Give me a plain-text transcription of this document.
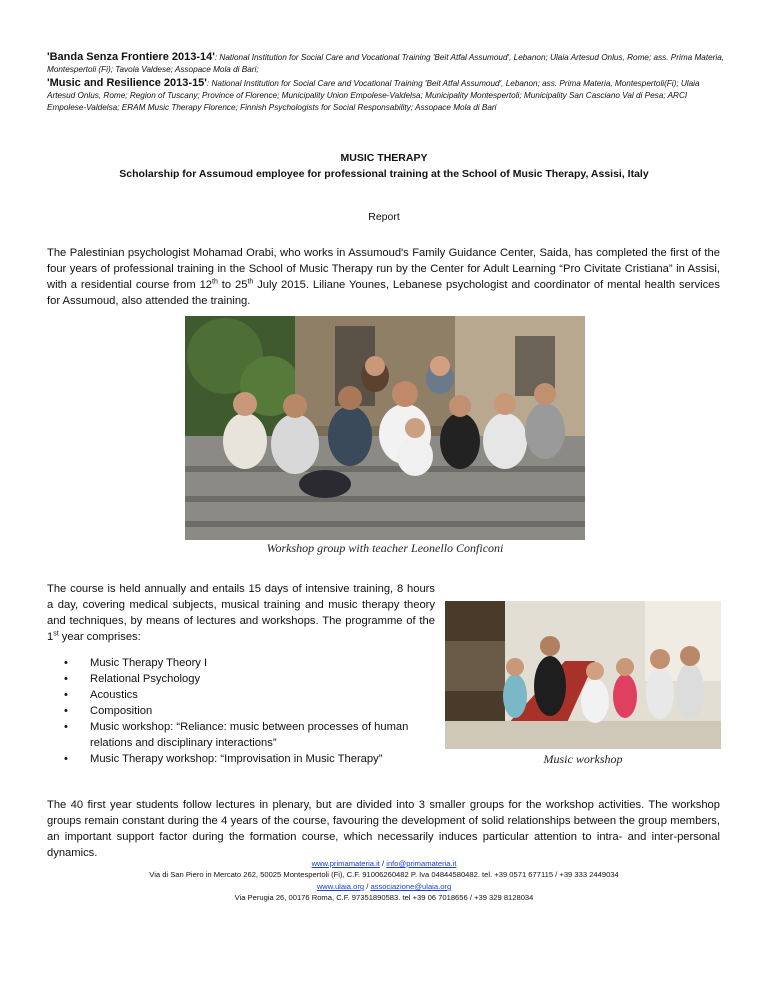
'Banda Senza Frontiere 2013-14': National Institution for Social Care and Vocational Training 'Beit Atfal Assumoud', Lebanon; Ulaia Artesud Onlus, Rome; ass. Prima Materia, Montespertoli (Fi); Tavola Valdese; Assopace Mola di Bari;
'Music and Resilience 2013-15': National Institution for Social Care and Vocational Training 'Beit Atfal Assumoud', Lebanon; ass. Prima Materia, Montespertoli(Fi); Ulaia Artesud Onlus, Rome; Region of Tuscany; Province of Florence; Municipality Union Empolese-Valdelsa; Municipality Montespertoli; Municipality San Casciano Val di Pesa; ARCI Empolese-Valdelsa; ERAM Music Therapy Florence; Finnish Psychologists for Social Responsability; Assopace Mola di Bari
MUSIC THERAPY
Scholarship for Assumoud employee for professional training at the School of Music Therapy, Assisi, Italy
Report
The Palestinian psychologist Mohamad Orabi, who works in Assumoud's Family Guidance Center, Saida, has completed the first of the four years of professional training in the School of Music Therapy run by the Center for Adult Learning “Pro Civitate Cristiana” in Assisi, with a residential course from 12th to 25th July 2015. Liliane Younes, Lebanese psychologist and coordinator of mental health services for Assumoud, also attended the training.
Workshop group with teacher Leonello Conficoni
The course is held annually and entails 15 days of intensive training, 8 hours a day, covering medical subjects, musical training and music therapy theory and techniques, by means of lectures and workshops. The programme of the 1st year comprises:
• Music Therapy Theory I
• Relational Psychology
• Acoustics
• Composition
• Music workshop: “Reliance: music between processes of human relations and disciplinary interactions”
• Music Therapy workshop: “Improvisation in Music Therapy”	Music workshop
The 40 first year students follow lectures in plenary, but are divided into 3 smaller groups for the workshop activities. The workshop groups remain constant during the 4 years of the course, favouring the development of solid relationships between the group members, an important support factor during the formation course, which necessarily induces particular attention to intra- and inter-personal dynamics.
www.primamateria.it / info@primamateria.it
Via di San Piero in Mercato 262, 50025 Montespertoli (Fi), C.F. 91006260482 P. Iva 04844580482. tel. +39 0571 677115 / +39 333 2449034
www.ulaia.org / associazione@ulaia.org
Via Perugia 26, 00176 Roma, C.F. 97351890583. tel +39 06 7018656 / +39 329 8128034
